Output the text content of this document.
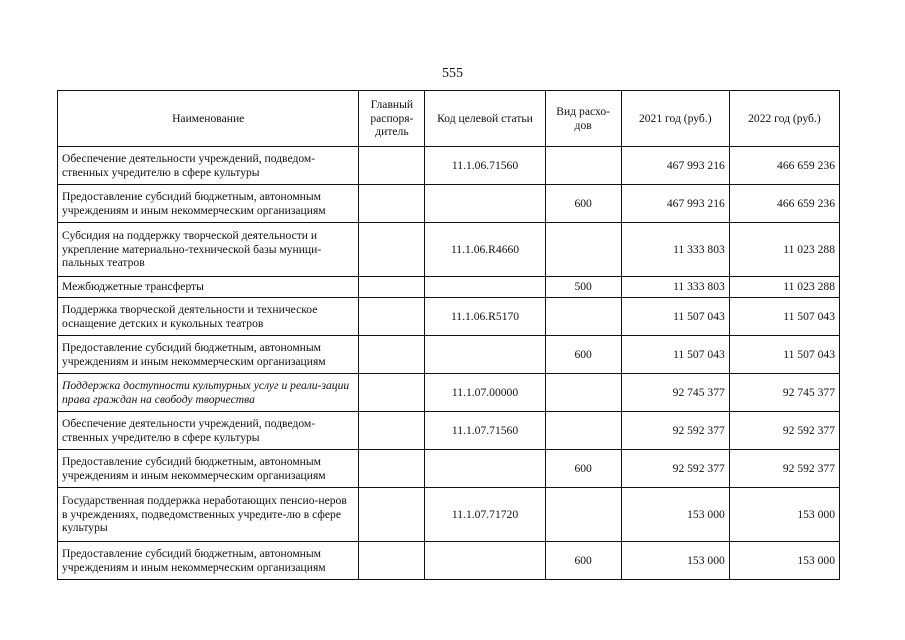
555
Наименование	Главный распоря-дитель	Код целевой статьи	Вид расхо-дов	2021 год (руб.)	2022 год (руб.)
Обеспечение деятельности учреждений, подведом-ственных учредителю в сфере культуры		11.1.06.71560		467 993 216	466 659 236
Предоставление субсидий бюджетным, автономным учреждениям и иным некоммерческим организациям			600	467 993 216	466 659 236
Субсидия на поддержку творческой деятельности и укрепление материально-технической базы муници-пальных театров		11.1.06.R4660		11 333 803	11 023 288
Межбюджетные трансферты			500	11 333 803	11 023 288
Поддержка творческой деятельности и техническое оснащение детских и кукольных театров		11.1.06.R5170		11 507 043	11 507 043
Предоставление субсидий бюджетным, автономным учреждениям и иным некоммерческим организациям			600	11 507 043	11 507 043
Поддержка доступности культурных услуг и реали-зации права граждан на свободу творчества		11.1.07.00000		92 745 377	92 745 377
Обеспечение деятельности учреждений, подведом-ственных учредителю в сфере культуры		11.1.07.71560		92 592 377	92 592 377
Предоставление субсидий бюджетным, автономным учреждениям и иным некоммерческим организациям			600	92 592 377	92 592 377
Государственная поддержка неработающих пенсио-неров в учреждениях, подведомственных учредите-лю в сфере культуры		11.1.07.71720		153 000	153 000
Предоставление субсидий бюджетным, автономным учреждениям и иным некоммерческим организациям			600	153 000	153 000
